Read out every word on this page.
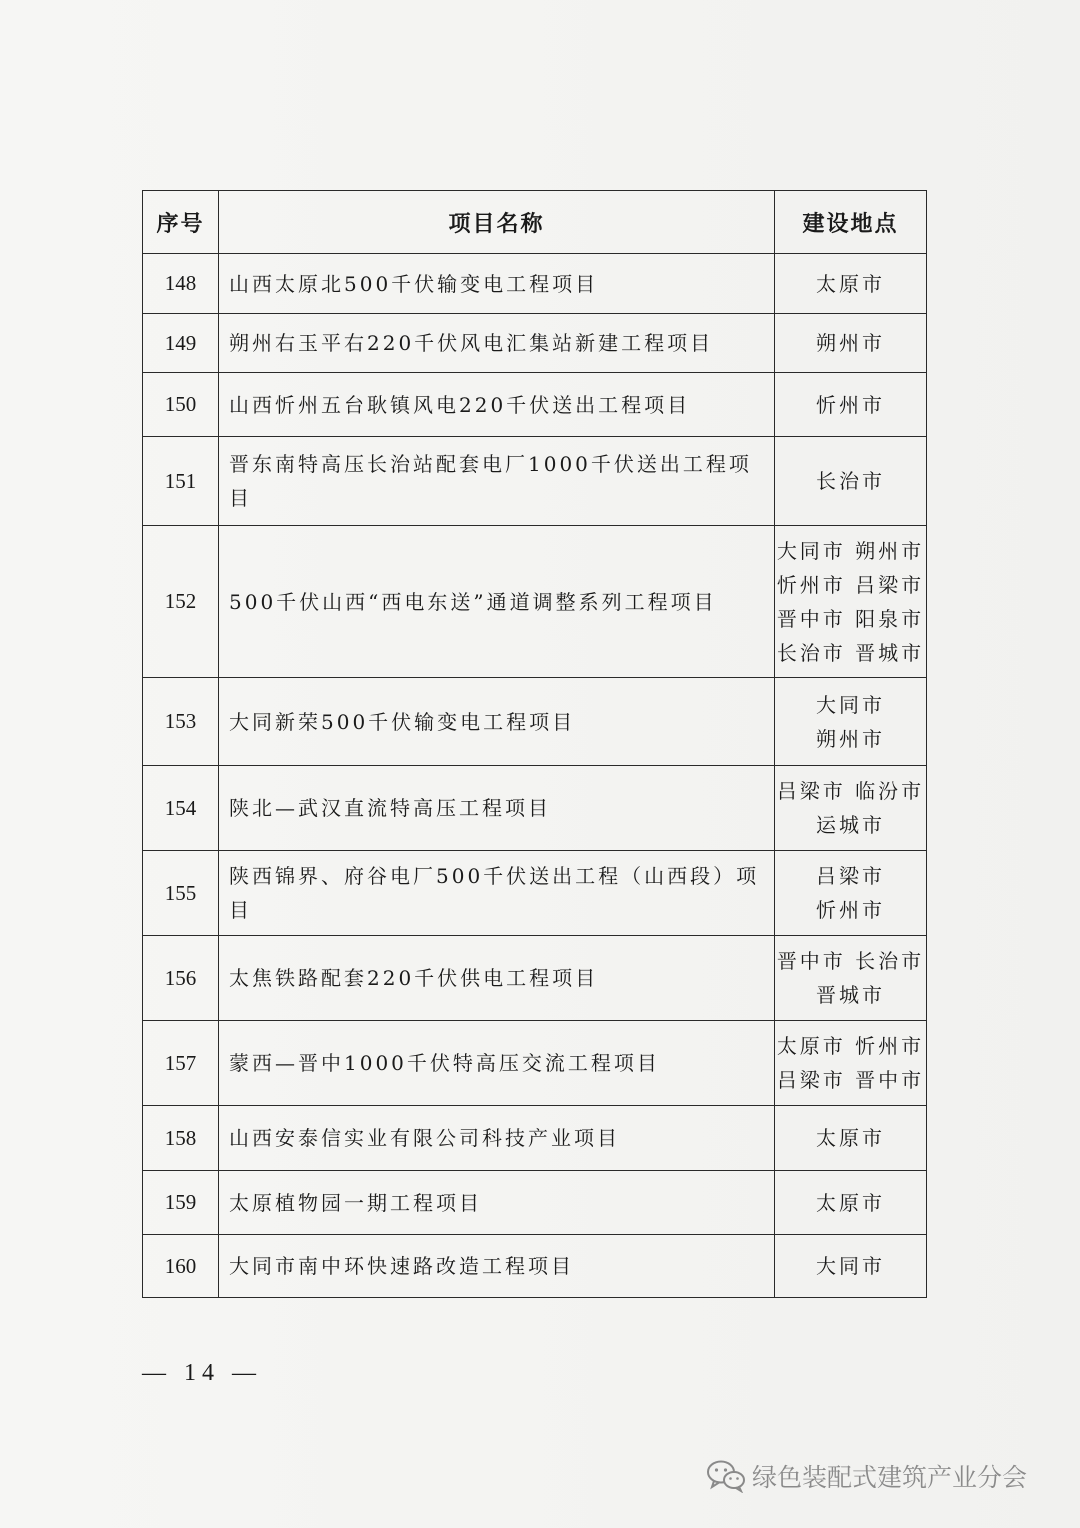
序号	项目名称	建设地点
148	山西太原北500千伏输变电工程项目	太原市

149	朔州右玉平右220千伏风电汇集站新建工程项目	朔州市

150	山西忻州五台耿镇风电220千伏送出工程项目	忻州市

151	晋东南特高压长治站配套电厂1000千伏送出工程项目	长治市

152	500千伏山西“西电东送”通道调整系列工程项目	大同市 朔州市
忻州市 吕梁市
晋中市 阳泉市
长治市 晋城市

153	大同新荣500千伏输变电工程项目	大同市
朔州市

154	陕北—武汉直流特高压工程项目	吕梁市 临汾市
运城市

155	陕西锦界、府谷电厂500千伏送出工程（山西段）项目	吕梁市
忻州市

156	太焦铁路配套220千伏供电工程项目	晋中市 长治市
晋城市

157	蒙西—晋中1000千伏特高压交流工程项目	太原市 忻州市
吕梁市 晋中市

158	山西安泰信实业有限公司科技产业项目	太原市

159	太原植物园一期工程项目	太原市

160	大同市南中环快速路改造工程项目	大同市
— 14 —
绿色装配式建筑产业分会
